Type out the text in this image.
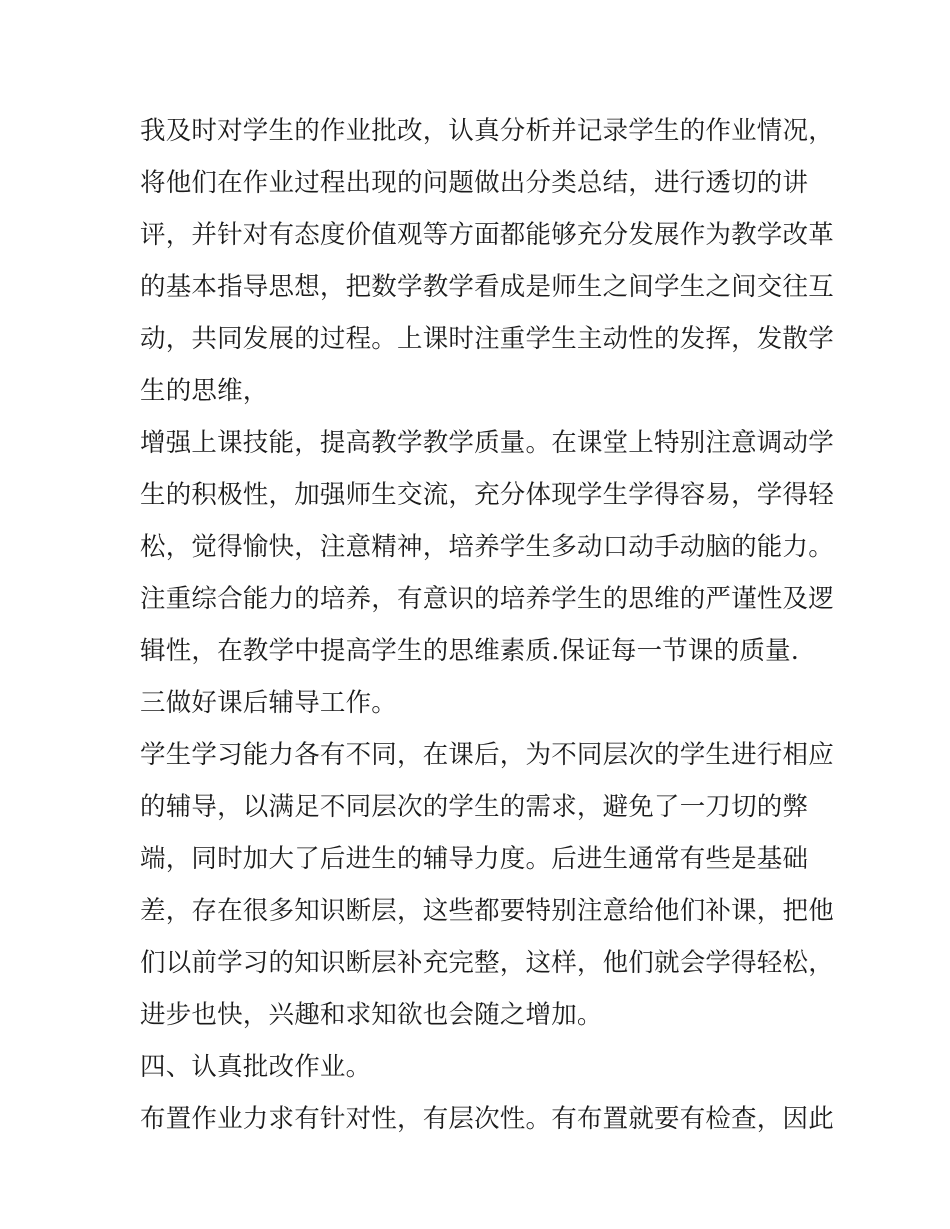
我及时对学生的作业批改，认真分析并记录学生的作业情况，
将他们在作业过程出现的问题做出分类总结，进行透切的讲
评，并针对有态度价值观等方面都能够充分发展作为教学改革
的基本指导思想，把数学教学看成是师生之间学生之间交往互
动，共同发展的过程。上课时注重学生主动性的发挥，发散学
生的思维，
增强上课技能，提高教学教学质量。在课堂上特别注意调动学
生的积极性，加强师生交流，充分体现学生学得容易，学得轻
松，觉得愉快，注意精神，培养学生多动口动手动脑的能力。
注重综合能力的培养，有意识的培养学生的思维的严谨性及逻
辑性，在教学中提高学生的思维素质.保证每一节课的质量.
三做好课后辅导工作。
学生学习能力各有不同，在课后，为不同层次的学生进行相应
的辅导，以满足不同层次的学生的需求，避免了一刀切的弊
端，同时加大了后进生的辅导力度。后进生通常有些是基础
差，存在很多知识断层，这些都要特别注意给他们补课，把他
们以前学习的知识断层补充完整，这样，他们就会学得轻松，
进步也快，兴趣和求知欲也会随之增加。
四、认真批改作业。
布置作业力求有针对性，有层次性。有布置就要有检查，因此
